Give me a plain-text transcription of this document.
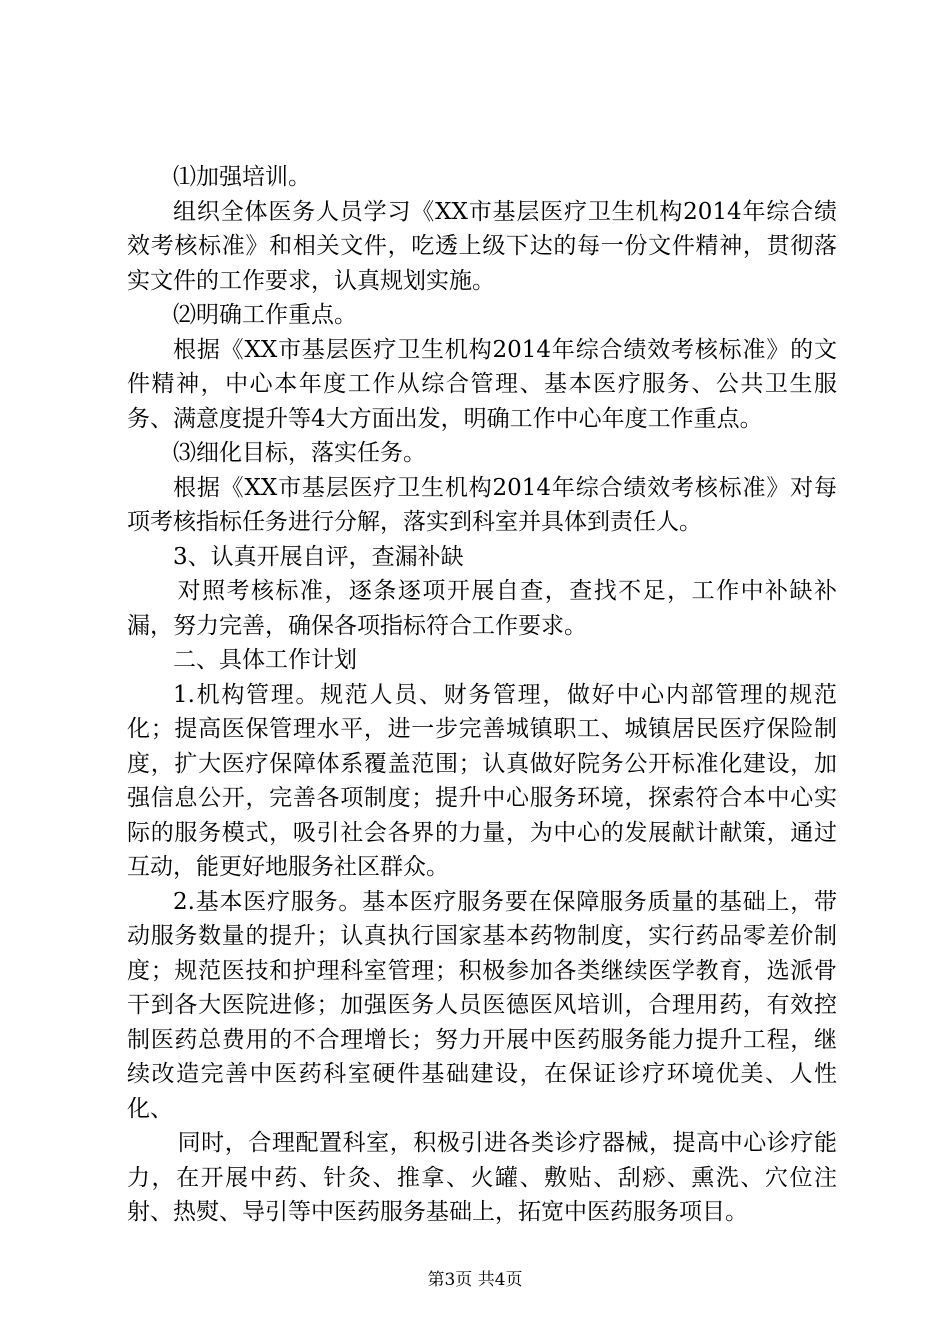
⑴加强培训。

组织全体医务人员学习《XX市基层医疗卫生机构2014年综合绩效考核标准》和相关文件，吃透上级下达的每一份文件精神，贯彻落实文件的工作要求，认真规划实施。

⑵明确工作重点。

根据《XX市基层医疗卫生机构2014年综合绩效考核标准》的文件精神，中心本年度工作从综合管理、基本医疗服务、公共卫生服务、满意度提升等4大方面出发，明确工作中心年度工作重点。

⑶细化目标，落实任务。

根据《XX市基层医疗卫生机构2014年综合绩效考核标准》对每项考核指标任务进行分解，落实到科室并具体到责任人。

3、认真开展自评，查漏补缺

对照考核标准，逐条逐项开展自查，查找不足，工作中补缺补漏，努力完善，确保各项指标符合工作要求。

二、具体工作计划

1.机构管理。规范人员、财务管理，做好中心内部管理的规范化；提高医保管理水平，进一步完善城镇职工、城镇居民医疗保险制度，扩大医疗保障体系覆盖范围；认真做好院务公开标准化建设，加强信息公开，完善各项制度；提升中心服务环境，探索符合本中心实际的服务模式，吸引社会各界的力量，为中心的发展献计献策，通过互动，能更好地服务社区群众。

2.基本医疗服务。基本医疗服务要在保障服务质量的基础上，带动服务数量的提升；认真执行国家基本药物制度，实行药品零差价制度；规范医技和护理科室管理；积极参加各类继续医学教育，选派骨干到各大医院进修；加强医务人员医德医风培训，合理用药，有效控制医药总费用的不合理增长；努力开展中医药服务能力提升工程，继续改造完善中医药科室硬件基础建设，在保证诊疗环境优美、人性化、

同时，合理配置科室，积极引进各类诊疗器械，提高中心诊疗能力，在开展中药、针灸、推拿、火罐、敷贴、刮痧、熏洗、穴位注射、热熨、导引等中医药服务基础上，拓宽中医药服务项目。

第3页 共4页
